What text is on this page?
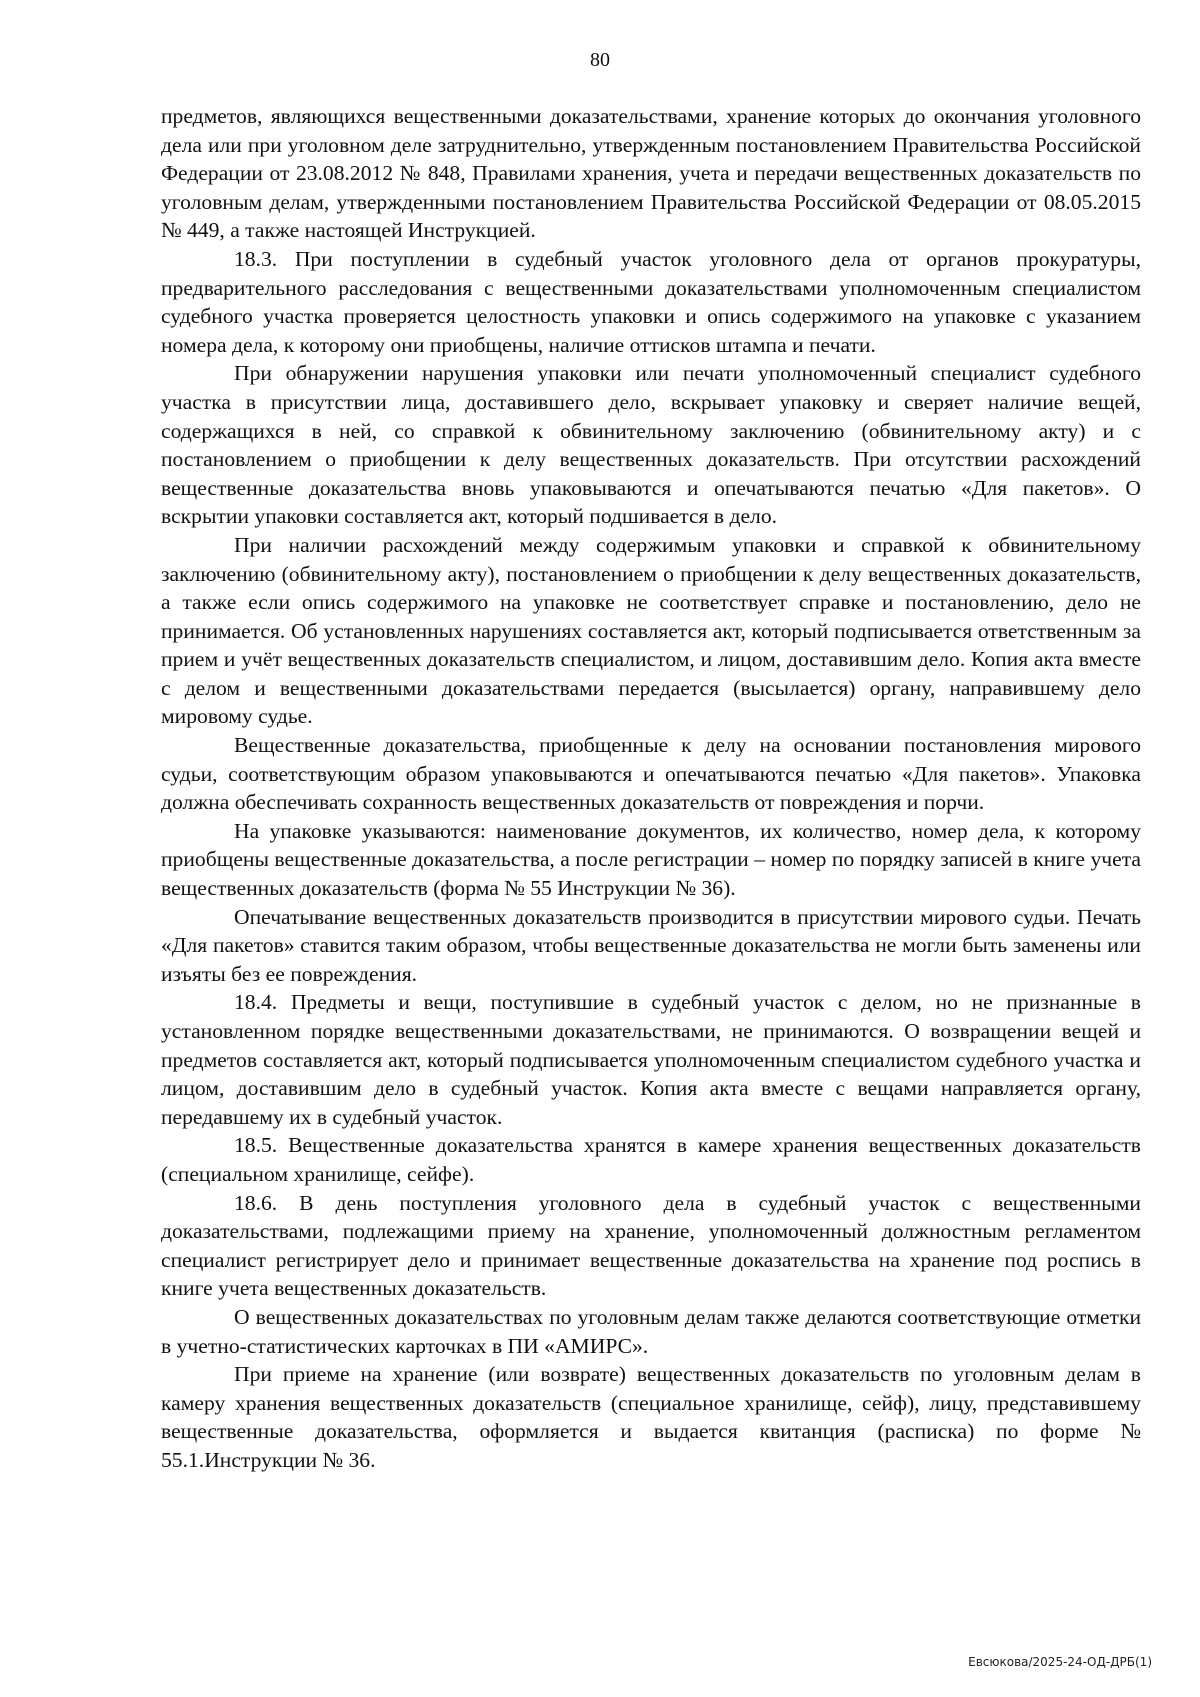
80

предметов, являющихся вещественными доказательствами, хранение которых до окончания уголовного дела или при уголовном деле затруднительно, утвержденным постановлением Правительства Российской Федерации от 23.08.2012 № 848, Правилами хранения, учета и передачи вещественных доказательств по уголовным делам, утвержденными постановлением Правительства Российской Федерации от 08.05.2015 № 449, а также настоящей Инструкцией.

18.3. При поступлении в судебный участок уголовного дела от органов прокуратуры, предварительного расследования с вещественными доказательствами уполномоченным специалистом судебного участка проверяется целостность упаковки и опись содержимого на упаковке с указанием номера дела, к которому они приобщены, наличие оттисков штампа и печати.

При обнаружении нарушения упаковки или печати уполномоченный специалист судебного участка в присутствии лица, доставившего дело, вскрывает упаковку и сверяет наличие вещей, содержащихся в ней, со справкой к обвинительному заключению (обвинительному акту) и с постановлением о приобщении к делу вещественных доказательств. При отсутствии расхождений вещественные доказательства вновь упаковываются и опечатываются печатью «Для пакетов». О вскрытии упаковки составляется акт, который подшивается в дело.

При наличии расхождений между содержимым упаковки и справкой к обвинительному заключению (обвинительному акту), постановлением о приобщении к делу вещественных доказательств, а также если опись содержимого на упаковке не соответствует справке и постановлению, дело не принимается. Об установленных нарушениях составляется акт, который подписывается ответственным за прием и учёт вещественных доказательств специалистом, и лицом, доставившим дело. Копия акта вместе с делом и вещественными доказательствами передается (высылается) органу, направившему дело мировому судье.

Вещественные доказательства, приобщенные к делу на основании постановления мирового судьи, соответствующим образом упаковываются и опечатываются печатью «Для пакетов». Упаковка должна обеспечивать сохранность вещественных доказательств от повреждения и порчи.

На упаковке указываются: наименование документов, их количество, номер дела, к которому приобщены вещественные доказательства, а после регистрации – номер по порядку записей в книге учета вещественных доказательств (форма № 55 Инструкции № 36).

Опечатывание вещественных доказательств производится в присутствии мирового судьи. Печать «Для пакетов» ставится таким образом, чтобы вещественные доказательства не могли быть заменены или изъяты без ее повреждения.

18.4. Предметы и вещи, поступившие в судебный участок с делом, но не признанные в установленном порядке вещественными доказательствами, не принимаются. О возвращении вещей и предметов составляется акт, который подписывается уполномоченным специалистом судебного участка и лицом, доставившим дело в судебный участок. Копия акта вместе с вещами направляется органу, передавшему их в судебный участок.

18.5. Вещественные доказательства хранятся в камере хранения вещественных доказательств (специальном хранилище, сейфе).

18.6. В день поступления уголовного дела в судебный участок с вещественными доказательствами, подлежащими приему на хранение, уполномоченный должностным регламентом специалист регистрирует дело и принимает вещественные доказательства на хранение под роспись в книге учета вещественных доказательств.

О вещественных доказательствах по уголовным делам также делаются соответствующие отметки в учетно-статистических карточках в ПИ «АМИРС».

При приеме на хранение (или возврате) вещественных доказательств по уголовным делам в камеру хранения вещественных доказательств (специальное хранилище, сейф), лицу, представившему вещественные доказательства, оформляется и выдается квитанция (расписка) по форме № 55.1.Инструкции № 36.

Евсюкова/2025-24-ОД-ДРБ(1)
